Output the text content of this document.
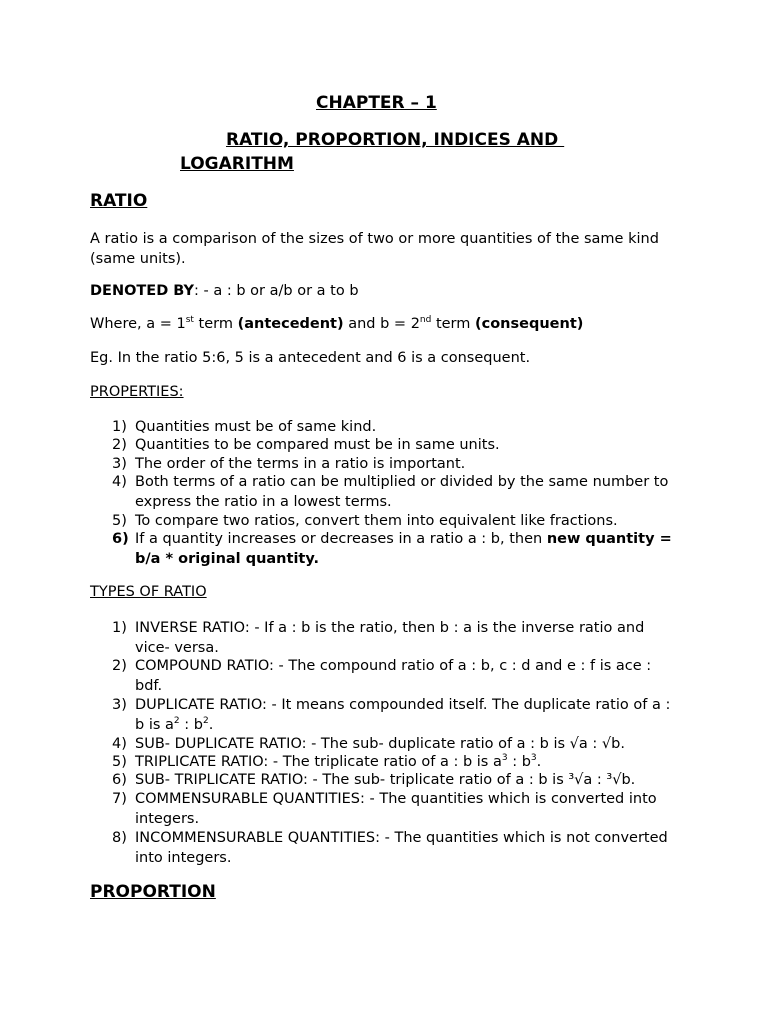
CHAPTER – 1
RATIO, PROPORTION, INDICES AND
LOGARITHM
RATIO
A ratio is a comparison of the sizes of two or more quantities of the same kind (same units).
DENOTED BY: - a : b or a/b or a to b
Where, a = 1st term (antecedent) and b = 2nd term (consequent)
Eg. In the ratio 5:6, 5 is a antecedent and 6 is a consequent.
PROPERTIES:
1) Quantities must be of same kind.
2) Quantities to be compared must be in same units.
3) The order of the terms in a ratio is important.
4) Both terms of a ratio can be multiplied or divided by the same number to express the ratio in a lowest terms.
5) To compare two ratios, convert them into equivalent like fractions.
6) If a quantity increases or decreases in a ratio a : b, then new quantity = b/a * original quantity.
TYPES OF RATIO
1) INVERSE RATIO: - If a : b is the ratio, then b : a is the inverse ratio and vice- versa.
2) COMPOUND RATIO: - The compound ratio of a : b, c : d and e : f is ace : bdf.
3) DUPLICATE RATIO: - It means compounded itself. The duplicate ratio of a : b is $a^2$ : $b^2$.
4) SUB- DUPLICATE RATIO: - The sub- duplicate ratio of a : b is √a : √b.
5) TRIPLICATE RATIO: - The triplicate ratio of a : b is $a^3$ : $b^3$.
6) SUB- TRIPLICATE RATIO: - The sub- triplicate ratio of a : b is ³√a : ³√b.
7) COMMENSURABLE QUANTITIES: - The quantities which is converted into integers.
8) INCOMMENSURABLE QUANTITIES: - The quantities which is not converted into integers.
PROPORTION
